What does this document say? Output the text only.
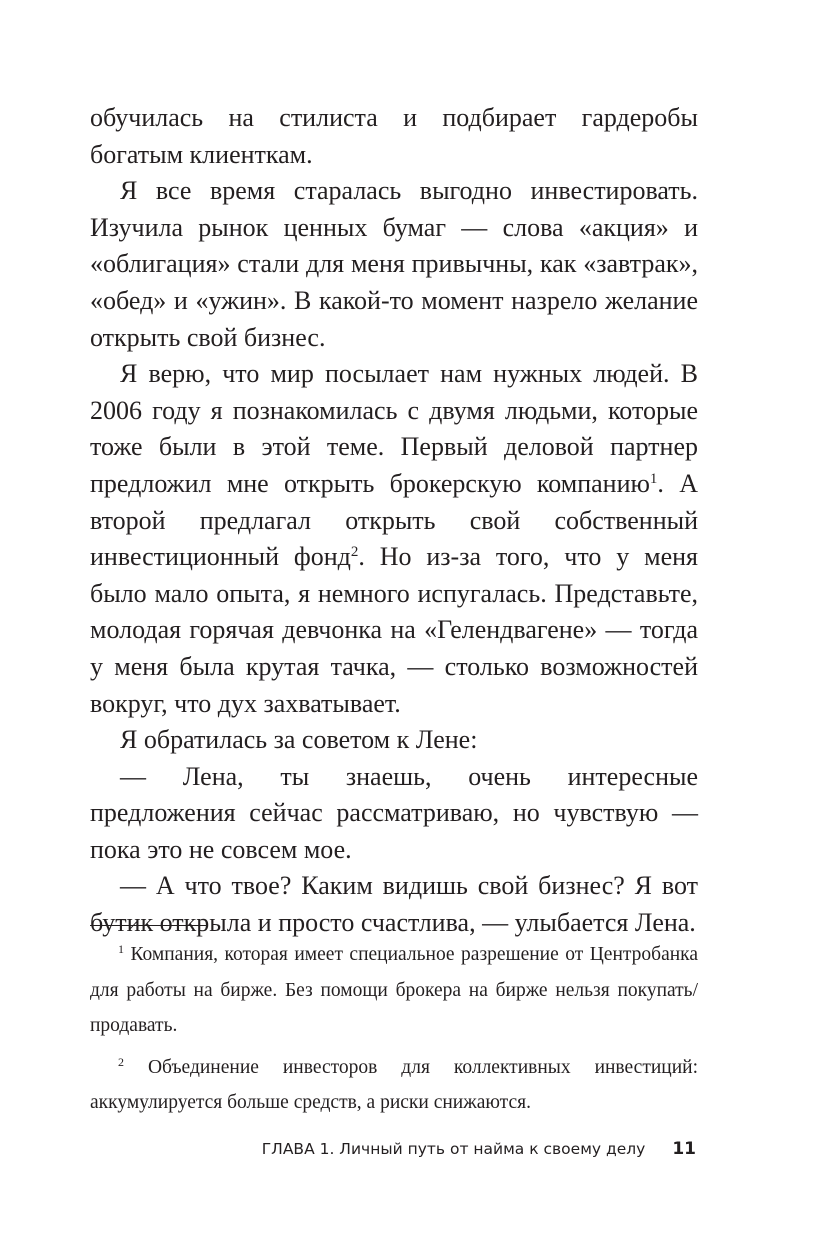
обучилась на стилиста и подбирает гардеробы богатым клиенткам.

Я все время старалась выгодно инвестировать. Изучила рынок ценных бумаг — слова «акция» и «облигация» стали для меня привычны, как «завтрак», «обед» и «ужин». В какой-то момент назрело желание открыть свой бизнес.

Я верю, что мир посылает нам нужных людей. В 2006 году я познакомилась с двумя людьми, которые тоже были в этой теме. Первый деловой партнер предложил мне открыть брокерскую компанию$^1$. А второй предлагал открыть свой собственный инвестиционный фонд$^2$. Но из-за того, что у меня было мало опыта, я немного испугалась. Представьте, молодая горячая девчонка на «Гелендвагене» — тогда у меня была крутая тачка, — столько возможностей вокруг, что дух захватывает.

Я обратилась за советом к Лене:

— Лена, ты знаешь, очень интересные предложения сейчас рассматриваю, но чувствую — пока это не совсем мое.

— А что твое? Каким видишь свой бизнес? Я вот бутик открыла и просто счастлива, — улыбается Лена.

$^1$ Компания, которая имеет специальное разрешение от Центробанка для работы на бирже. Без помощи брокера на бирже нельзя покупать/продавать.

$^2$ Объединение инвесторов для коллективных инвестиций: аккумулируется больше средств, а риски снижаются.

ГЛАВА 1. Личный путь от найма к своему делу 11
